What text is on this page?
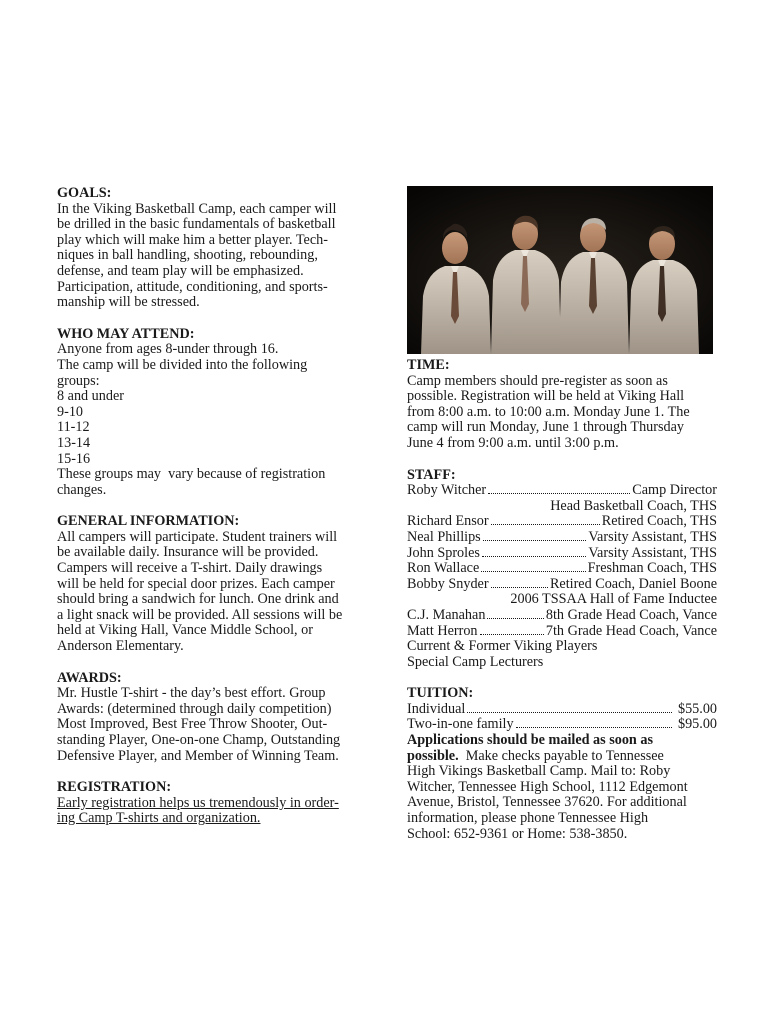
GOALS:
In the Viking Basketball Camp, each camper will
be drilled in the basic fundamentals of basketball
play which will make him a better player. Tech-
niques in ball handling, shooting, rebounding,
defense, and team play will be emphasized.
Participation, attitude, conditioning, and sports-
manship will be stressed.
WHO MAY ATTEND:
Anyone from ages 8-under through 16.
The camp will be divided into the following
groups:
8 and under
9-10
11-12
13-14
15-16
These groups may  vary because of registration
changes.
GENERAL INFORMATION:
All campers will participate. Student trainers will
be available daily. Insurance will be provided.
Campers will receive a T-shirt. Daily drawings
will be held for special door prizes. Each camper
should bring a sandwich for lunch. One drink and
a light snack will be provided. All sessions will be
held at Viking Hall, Vance Middle School, or
Anderson Elementary.
AWARDS:
Mr. Hustle T-shirt - the day’s best effort. Group
Awards: (determined through daily competition)
Most Improved, Best Free Throw Shooter, Out-
standing Player, One-on-one Champ, Outstanding
Defensive Player, and Member of Winning Team.
REGISTRATION:
Early registration helps us tremendously in order-
ing Camp T-shirts and organization.
TIME:
Camp members should pre-register as soon as
possible. Registration will be held at Viking Hall
from 8:00 a.m. to 10:00 a.m. Monday June 1. The
camp will run Monday, June 1 through Thursday
June 4 from 9:00 a.m. until 3:00 p.m.
STAFF:
Roby Witcher	Camp Director
Head Basketball Coach, THS
Richard Ensor	Retired Coach, THS
Neal Phillips	Varsity Assistant, THS
John Sproles	Varsity Assistant, THS
Ron Wallace	Freshman Coach, THS
Bobby Snyder	Retired Coach, Daniel Boone
2006 TSSAA Hall of Fame Inductee
C.J. Manahan	8th Grade Head Coach, Vance
Matt Herron	7th Grade Head Coach, Vance
Current & Former Viking Players
Special Camp Lecturers
TUITION:
Individual	$55.00
Two-in-one family	$95.00
Applications should be mailed as soon as
possible.  Make checks payable to Tennessee
High Vikings Basketball Camp. Mail to: Roby
Witcher, Tennessee High School, 1112 Edgemont
Avenue, Bristol, Tennessee 37620. For additional
information, please phone Tennessee High
School: 652-9361 or Home: 538-3850.
